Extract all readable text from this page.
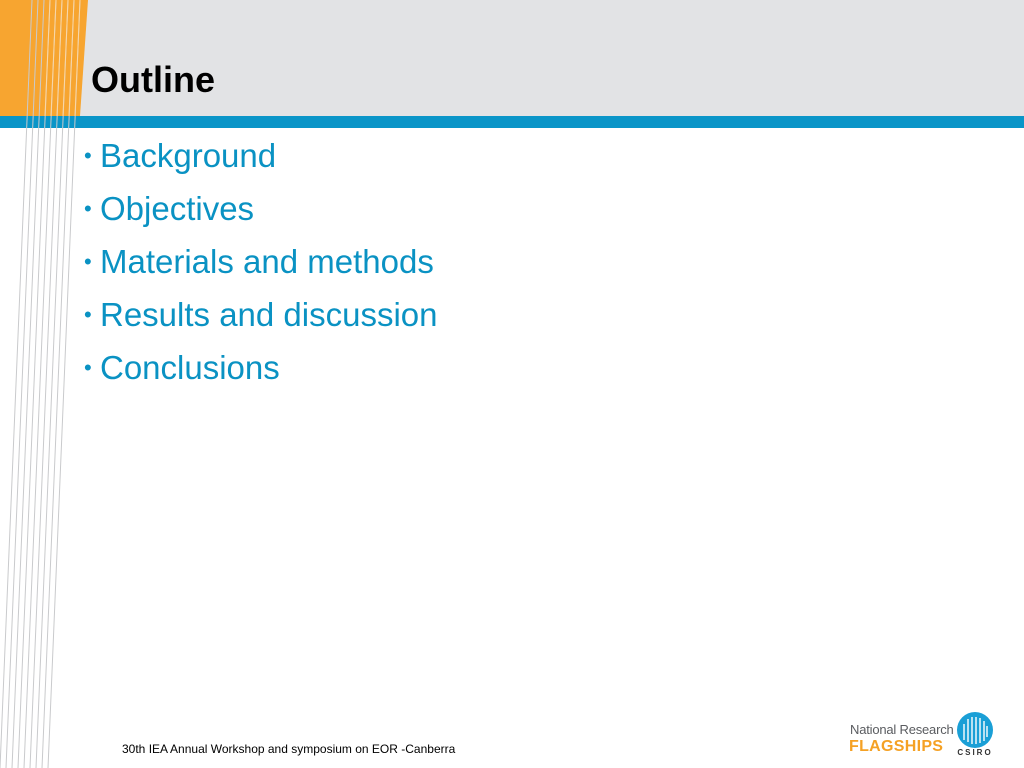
Outline
• Background
• Objectives
• Materials and methods
• Results and discussion
• Conclusions
30th IEA Annual Workshop and symposium on EOR -Canberra
National Research
FLAGSHIPS	CSIRO
